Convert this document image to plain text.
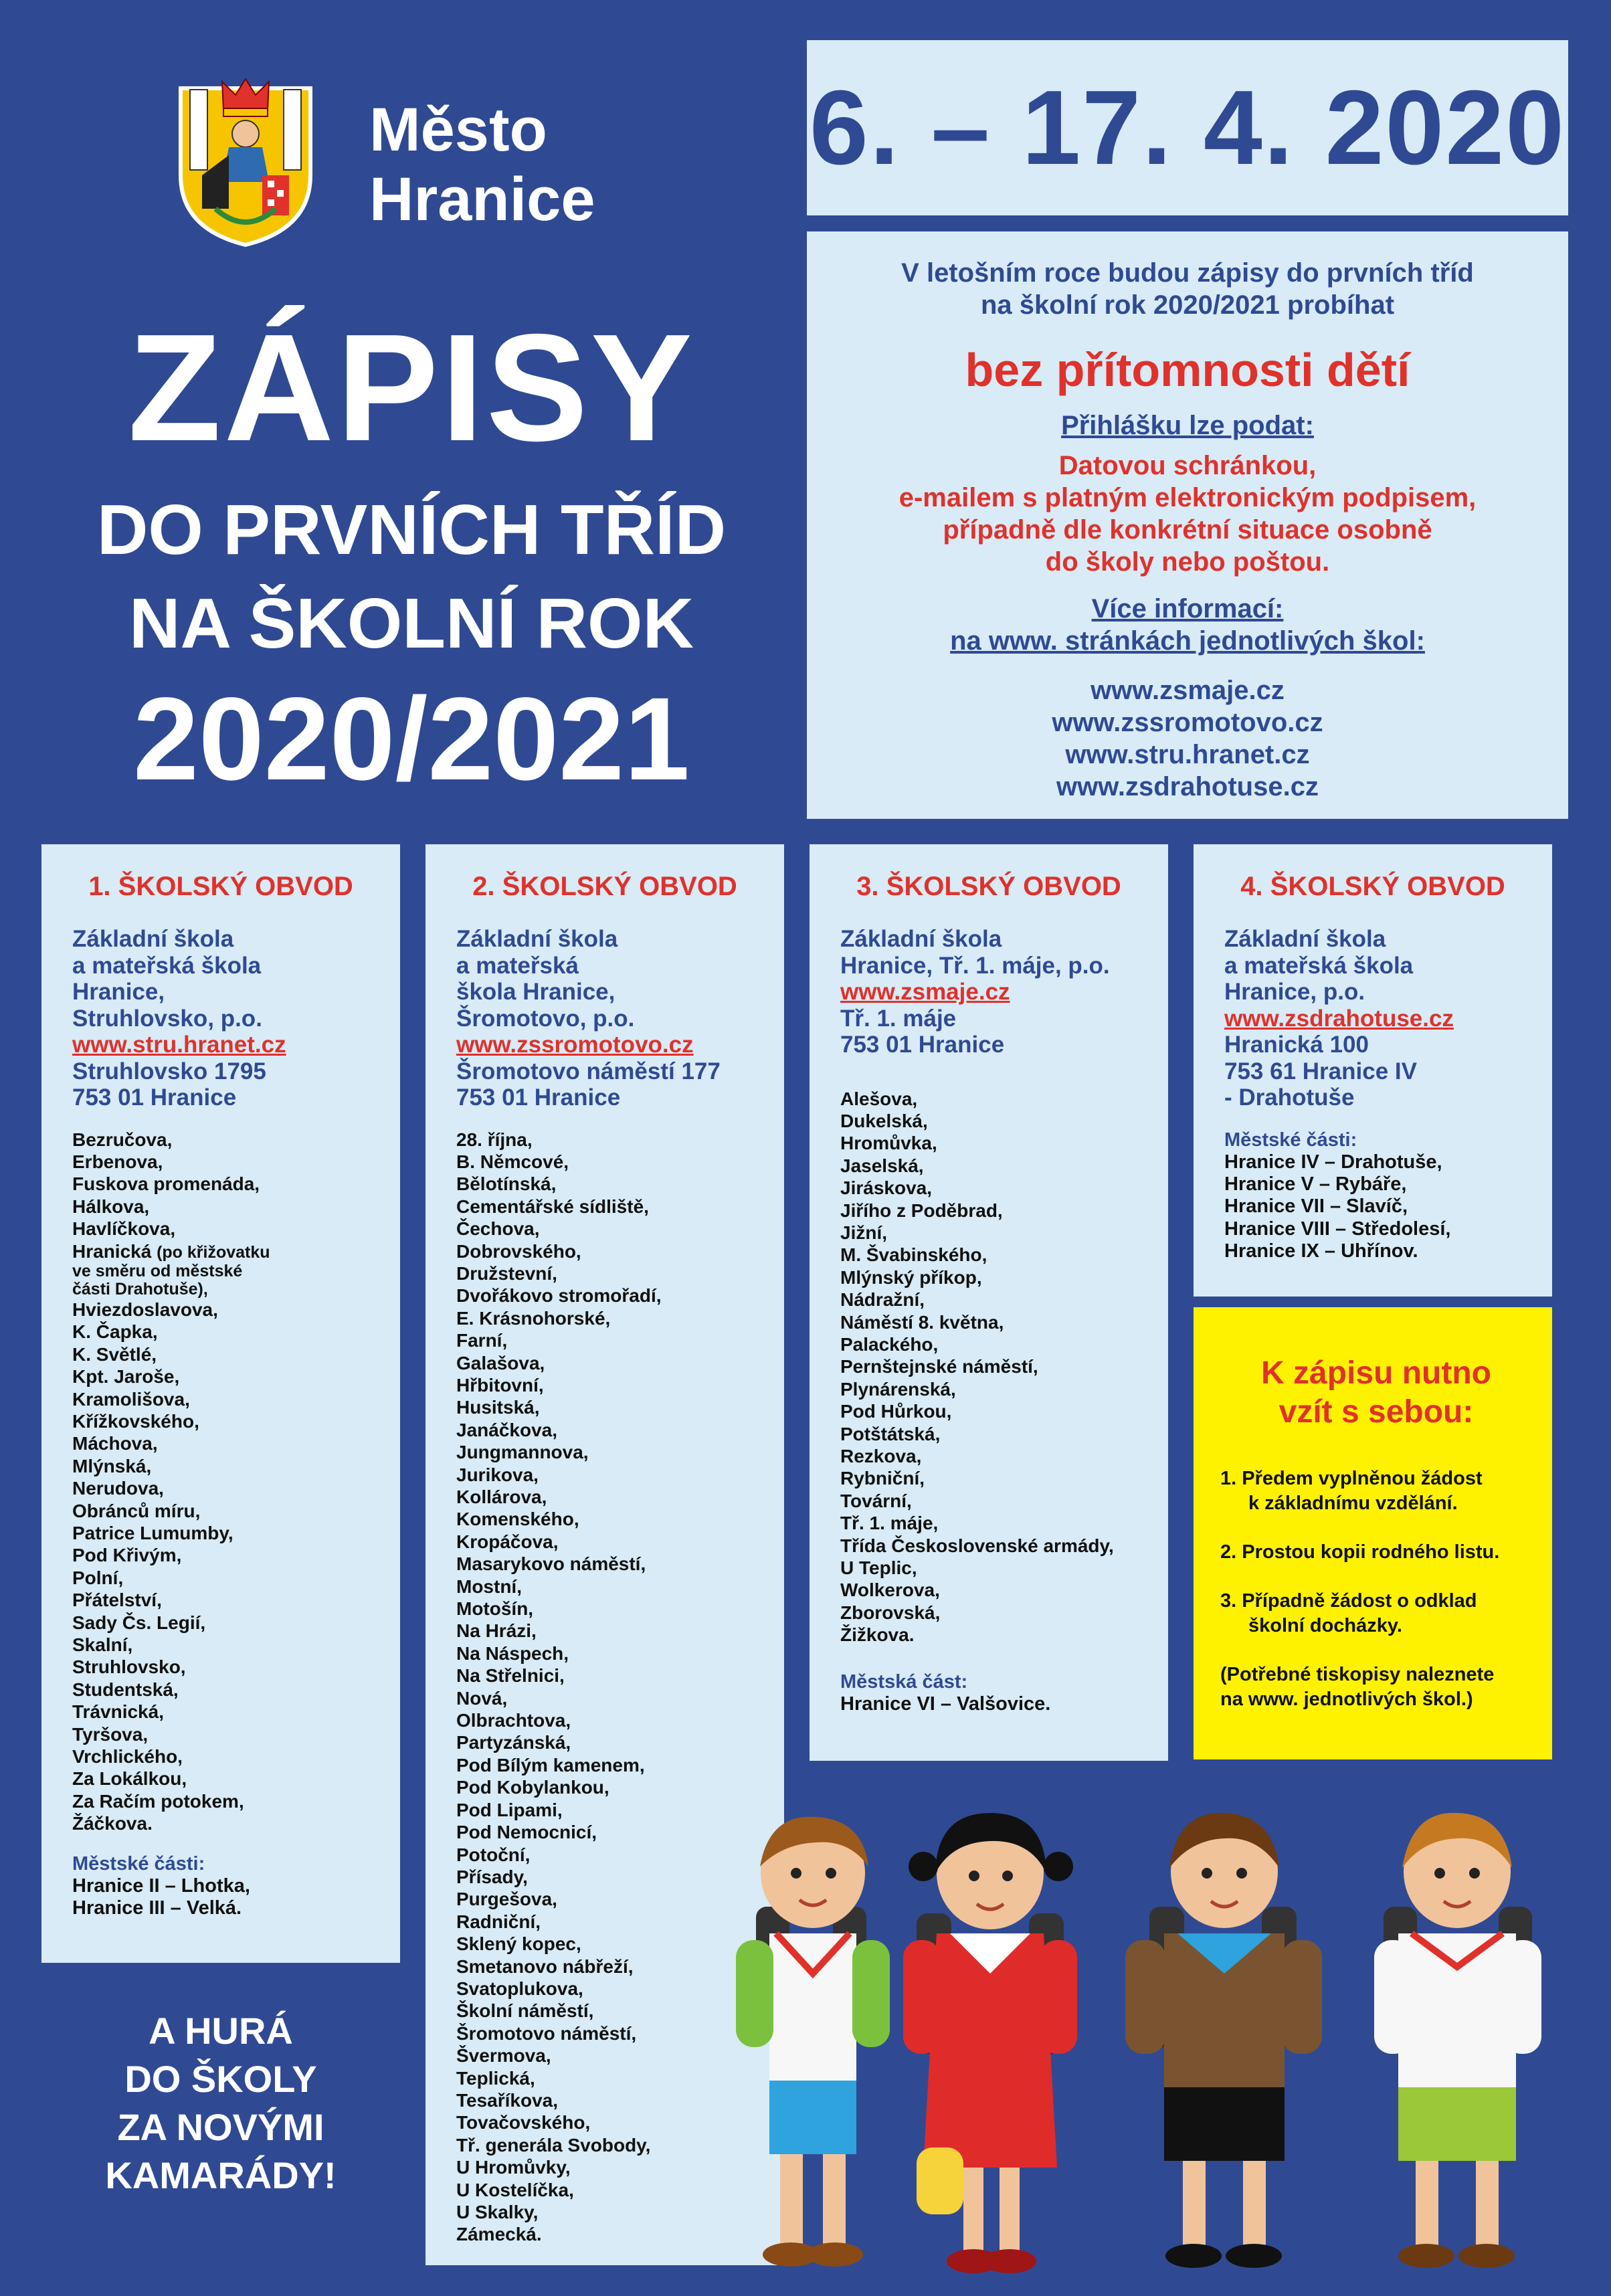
Město
Hranice
ZÁPISY
DO PRVNÍCH TŘÍD
NA ŠKOLNÍ ROK
2020/2021
6. – 17. 4. 2020
V letošním roce budou zápisy do prvních tříd
na školní rok 2020/2021 probíhat
bez přítomnosti dětí
Přihlášku lze podat:
Datovou schránkou,
e-mailem s platným elektronickým podpisem,
případně dle konkrétní situace osobně
do školy nebo poštou.
Více informací:
na www. stránkách jednotlivých škol:
www.zsmaje.cz
www.zssromotovo.cz
www.stru.hranet.cz
www.zsdrahotuse.cz
1. ŠKOLSKÝ OBVOD
Základní škola
a mateřská škola
Hranice,
Struhlovsko, p.o.
www.stru.hranet.cz
Struhlovsko 1795
753 01 Hranice
Bezručova,
Erbenova,
Fuskova promenáda,
Hálkova,
Havlíčkova,
Hranická (po křižovatku
ve směru od městské
části Drahotuše),
Hviezdoslavova,
K. Čapka,
K. Světlé,
Kpt. Jaroše,
Kramolišova,
Křížkovského,
Máchova,
Mlýnská,
Nerudova,
Obránců míru,
Patrice Lumumby,
Pod Křivým,
Polní,
Přátelství,
Sady Čs. Legií,
Skalní,
Struhlovsko,
Studentská,
Trávnická,
Tyršova,
Vrchlického,
Za Lokálkou,
Za Račím potokem,
Žáčkova.
Městské části:
Hranice II – Lhotka,
Hranice III – Velká.
2. ŠKOLSKÝ OBVOD
Základní škola
a mateřská
škola Hranice,
Šromotovo, p.o.
www.zssromotovo.cz
Šromotovo náměstí 177
753 01 Hranice
28. října,
B. Němcové,
Bělotínská,
Cementářské sídliště,
Čechova,
Dobrovského,
Družstevní,
Dvořákovo stromořadí,
E. Krásnohorské,
Farní,
Galašova,
Hřbitovní,
Husitská,
Janáčkova,
Jungmannova,
Jurikova,
Kollárova,
Komenského,
Kropáčova,
Masarykovo náměstí,
Mostní,
Motošín,
Na Hrázi,
Na Náspech,
Na Střelnici,
Nová,
Olbrachtova,
Partyzánská,
Pod Bílým kamenem,
Pod Kobylankou,
Pod Lipami,
Pod Nemocnicí,
Potoční,
Přísady,
Purgešova,
Radniční,
Sklený kopec,
Smetanovo nábřeží,
Svatoplukova,
Školní náměstí,
Šromotovo náměstí,
Švermova,
Teplická,
Tesaříkova,
Tovačovského,
Tř. generála Svobody,
U Hromůvky,
U Kostelíčka,
U Skalky,
Zámecká.
3. ŠKOLSKÝ OBVOD
Základní škola
Hranice, Tř. 1. máje, p.o.
www.zsmaje.cz
Tř. 1. máje
753 01 Hranice
Alešova,
Dukelská,
Hromůvka,
Jaselská,
Jiráskova,
Jiřího z Poděbrad,
Jižní,
M. Švabinského,
Mlýnský příkop,
Nádražní,
Náměstí 8. května,
Palackého,
Pernštejnské náměstí,
Plynárenská,
Pod Hůrkou,
Potštátská,
Rezkova,
Rybniční,
Tovární,
Tř. 1. máje,
Třída Československé armády,
U Teplic,
Wolkerova,
Zborovská,
Žižkova.
Městská část:
Hranice VI – Valšovice.
4. ŠKOLSKÝ OBVOD
Základní škola
a mateřská škola
Hranice, p.o.
www.zsdrahotuse.cz
Hranická 100
753 61 Hranice IV
- Drahotuše
Městské části:
Hranice IV – Drahotuše,
Hranice V – Rybáře,
Hranice VII – Slavíč,
Hranice VIII – Středolesí,
Hranice IX – Uhřínov.
K zápisu nutno
vzít s sebou:
1. Předem vyplněnou žádost
k základnímu vzdělání.
2. Prostou kopii rodného listu.
3. Případně žádost o odklad
školní docházky.
(Potřebné tiskopisy naleznete
na www. jednotlivých škol.)
A HURÁ
DO ŠKOLY
ZA NOVÝMI
KAMARÁDY!
